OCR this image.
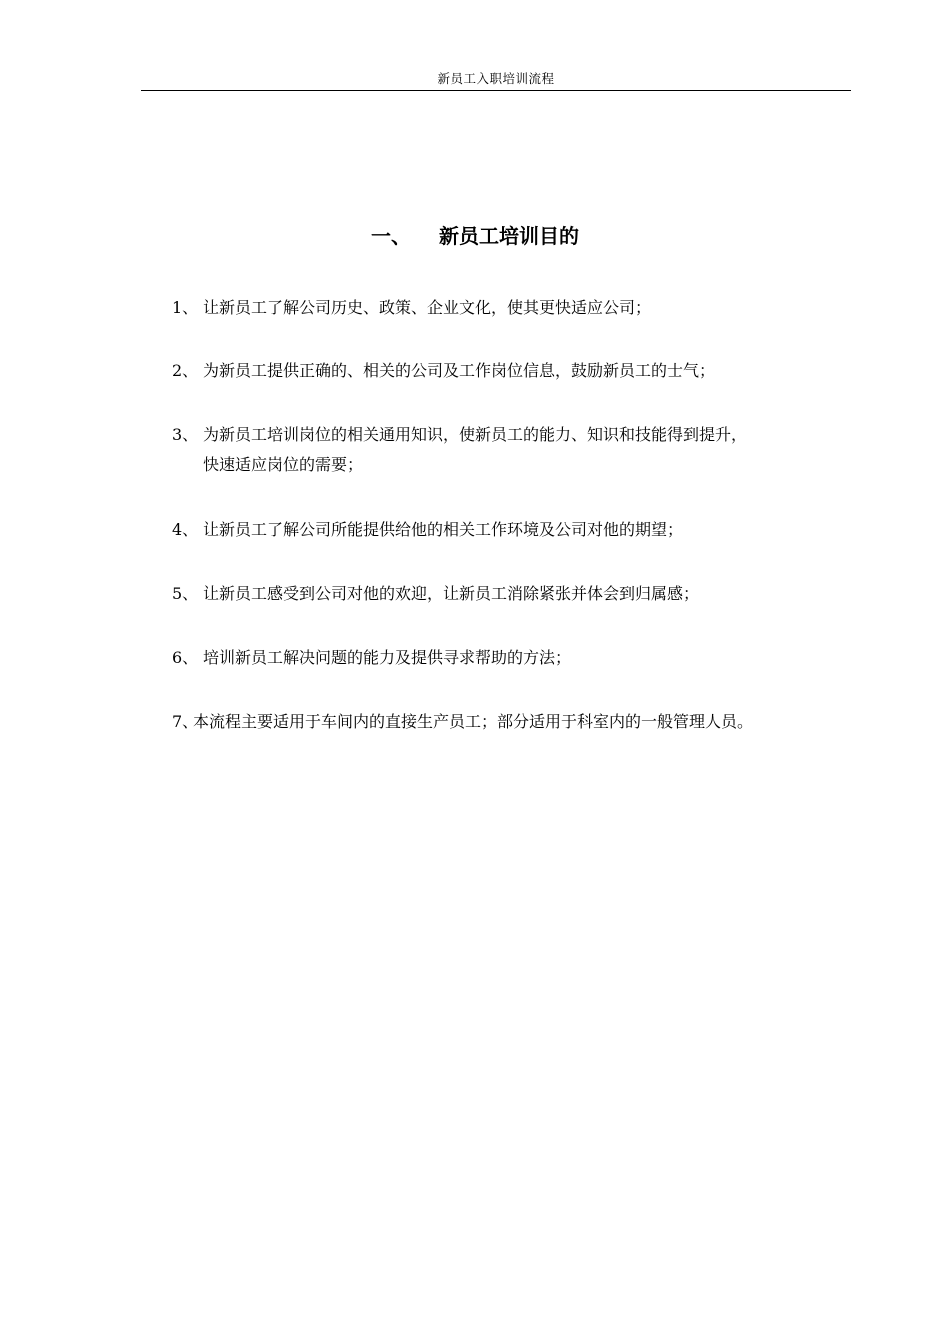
新员工入职培训流程
一、 新员工培训目的
1、 让新员工了解公司历史、政策、企业文化，使其更快适应公司；
2、 为新员工提供正确的、相关的公司及工作岗位信息，鼓励新员工的士气；
3、 为新员工培训岗位的相关通用知识，使新员工的能力、知识和技能得到提升，
快速适应岗位的需要；
4、 让新员工了解公司所能提供给他的相关工作环境及公司对他的期望；
5、 让新员工感受到公司对他的欢迎，让新员工消除紧张并体会到归属感；
6、 培训新员工解决问题的能力及提供寻求帮助的方法；
7、
本流程主要适用于车间内的直接生产员工；部分适用于科室内的一般管理人员。
